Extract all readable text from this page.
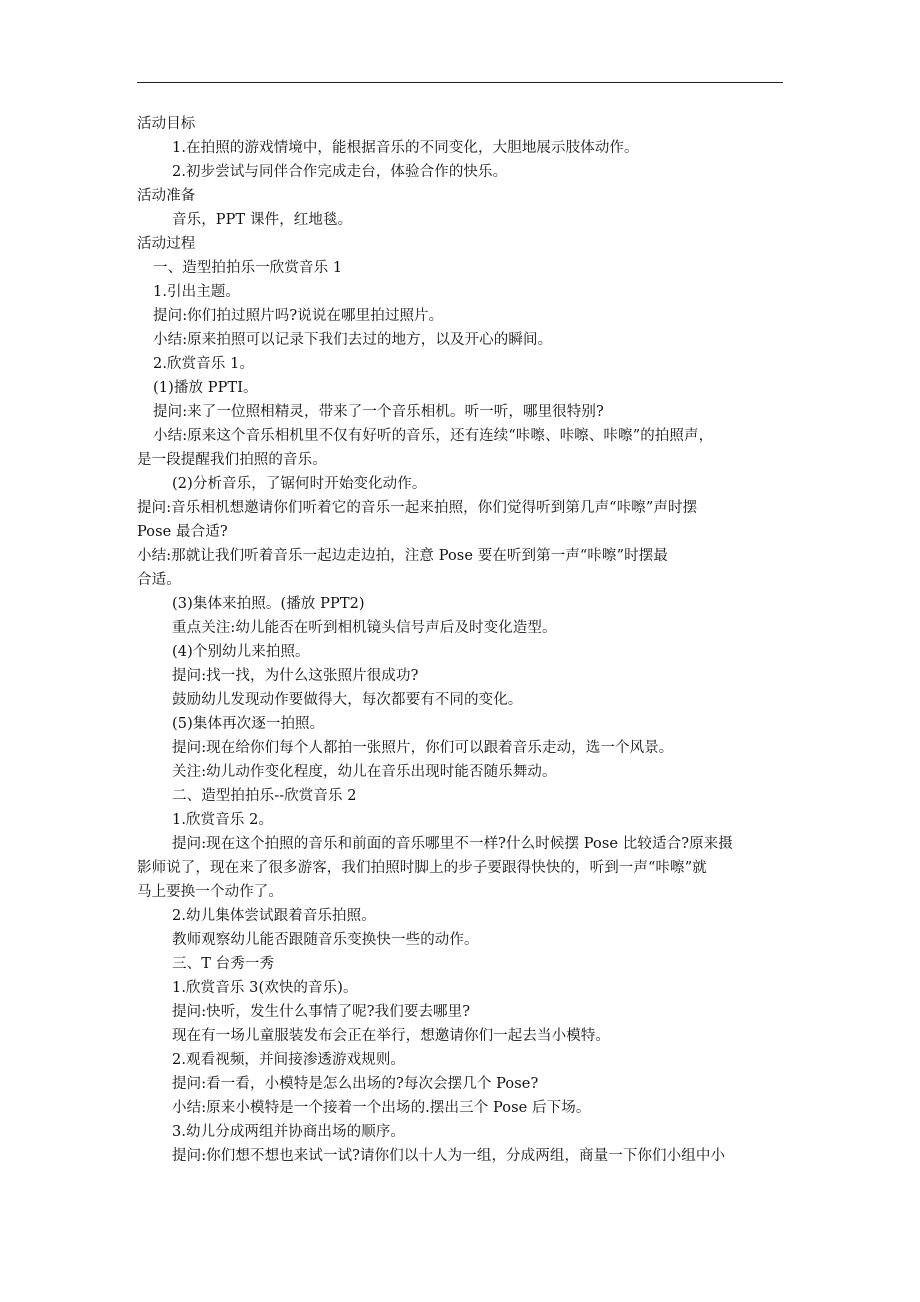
活动目标
1.在拍照的游戏情境中，能根据音乐的不同变化，大胆地展示肢体动作。
2.初步尝试与同伴合作完成走台，体验合作的快乐。
活动准备
音乐，PPT 课件，红地毯。
活动过程
一、造型拍拍乐一欣赏音乐 1
1.引出主题。
提问:你们拍过照片吗?说说在哪里拍过照片。
小结:原来拍照可以记录下我们去过的地方，以及开心的瞬间。
2.欣赏音乐 1。
(1)播放 PPTI。
提问:来了一位照相精灵，带来了一个音乐相机。听一听，哪里很特别?
小结:原来这个音乐相机里不仅有好听的音乐，还有连续“咔嚓、咔嚓、咔嚓”的拍照声，
是一段提醒我们拍照的音乐。
(2)分析音乐，了锯何时开始变化动作。
提问:音乐相机想邀请你们听着它的音乐一起来拍照，你们觉得听到第几声“咔嚓”声时摆
Pose 最合适?
小结:那就让我们听着音乐一起边走边拍，注意 Pose 要在听到第一声“咔嚓”时摆最
合适。
(3)集体来拍照。(播放 PPT2)
重点关注:幼儿能否在听到相机镜头信号声后及时变化造型。
(4)个别幼儿来拍照。
提问:找一找，为什么这张照片很成功?
鼓励幼儿发现动作要做得大，每次都要有不同的变化。
(5)集体再次逐一拍照。
提问:现在给你们每个人都拍一张照片，你们可以跟着音乐走动，选一个风景。
关注:幼儿动作变化程度，幼儿在音乐出现时能否随乐舞动。
二、造型拍拍乐--欣赏音乐 2
1.欣赏音乐 2。
提问:现在这个拍照的音乐和前面的音乐哪里不一样?什么时候摆 Pose 比较适合?原来摄
影师说了，现在来了很多游客，我们拍照时脚上的步子要跟得快快的，听到一声“咔嚓”就
马上要换一个动作了。
2.幼儿集体尝试跟着音乐拍照。
教师观察幼儿能否跟随音乐变换快一些的动作。
三、T 台秀一秀
1.欣赏音乐 3(欢快的音乐)。
提问:快听，发生什么事情了呢?我们要去哪里?
现在有一场儿童服装发布会正在举行，想邀请你们一起去当小模特。
2.观看视频，并间接渗透游戏规则。
提问:看一看，小模特是怎么出场的?每次会摆几个 Pose?
小结:原来小模特是一个接着一个出场的.摆出三个 Pose 后下场。
3.幼儿分成两组并协商出场的顺序。
提问:你们想不想也来试一试?请你们以十人为一组，分成两组，商量一下你们小组中小
